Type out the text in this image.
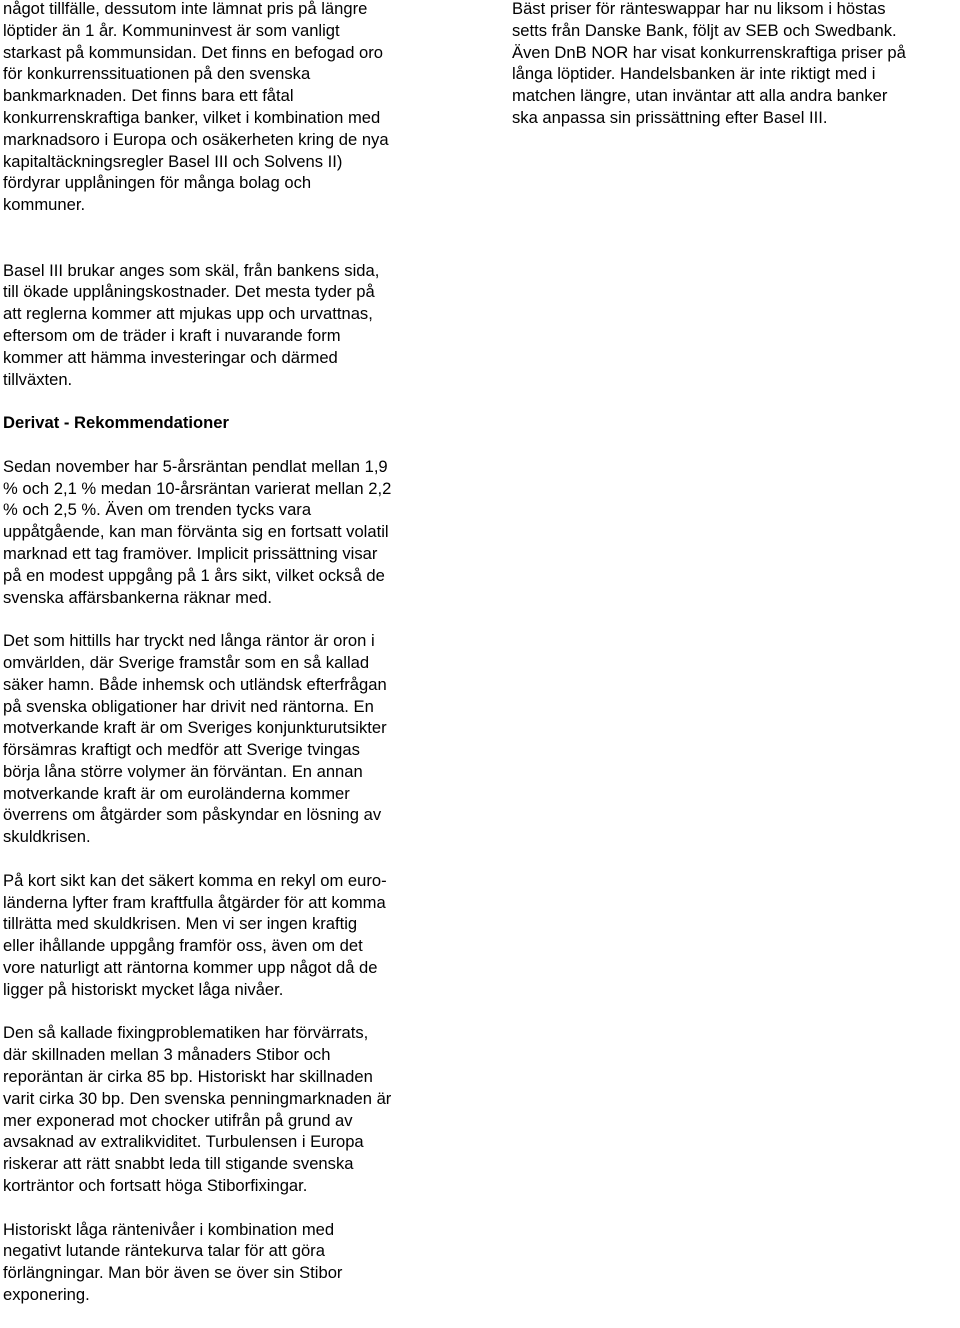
något tillfälle, dessutom inte lämnat pris på längre
löptider än 1 år. Kommuninvest är som vanligt
starkast på kommunsidan. Det finns en befogad oro
för konkurrenssituationen på den svenska
bankmarknaden. Det finns bara ett fåtal
konkurrenskraftiga banker, vilket i kombination med
marknadsoro i Europa och osäkerheten kring de nya
kapitaltäckningsregler Basel III och Solvens II)
fördyrar upplåningen för många bolag och
kommuner.

Basel III brukar anges som skäl, från bankens sida,
till ökade upplåningskostnader. Det mesta tyder på
att reglerna kommer att mjukas upp och urvattnas,
eftersom om de träder i kraft i nuvarande form
kommer att hämma investeringar och därmed
tillväxten.

Derivat - Rekommendationer

Sedan november har 5-årsräntan pendlat mellan 1,9
% och 2,1 % medan 10-årsräntan varierat mellan 2,2
% och 2,5 %. Även om trenden tycks vara
uppåtgående, kan man förvänta sig en fortsatt volatil
marknad ett tag framöver. Implicit prissättning visar
på en modest uppgång på 1 års sikt, vilket också de
svenska affärsbankerna räknar med.

Det som hittills har tryckt ned långa räntor är oron i
omvärlden, där Sverige framstår som en så kallad
säker hamn. Både inhemsk och utländsk efterfrågan
på svenska obligationer har drivit ned räntorna. En
motverkande kraft är om Sveriges konjunkturutsikter
försämras kraftigt och medför att Sverige tvingas
börja låna större volymer än förväntan. En annan
motverkande kraft är om euroländerna kommer
överrens om åtgärder som påskyndar en lösning av
skuldkrisen.

På kort sikt kan det säkert komma en rekyl om euro-
länderna lyfter fram kraftfulla åtgärder för att komma
tillrätta med skuldkrisen. Men vi ser ingen kraftig
eller ihållande uppgång framför oss, även om det
vore naturligt att räntorna kommer upp något då de
ligger på historiskt mycket låga nivåer.

Den så kallade fixingproblematiken har förvärrats,
där skillnaden mellan 3 månaders Stibor och
reporäntan är cirka 85 bp. Historiskt har skillnaden
varit cirka 30 bp. Den svenska penningmarknaden är
mer exponerad mot chocker utifrån på grund av
avsaknad av extralikviditet. Turbulensen i Europa
riskerar att rätt snabbt leda till stigande svenska
korträntor och fortsatt höga Stiborfixingar.

Historiskt låga räntenivåer i kombination med
negativt lutande räntekurva talar för att göra
förlängningar. Man bör även se över sin Stibor
exponering.

Bäst priser för ränteswappar har nu liksom i höstas
setts från Danske Bank, följt av SEB och Swedbank.
Även DnB NOR har visat konkurrenskraftiga priser på
långa löptider. Handelsbanken är inte riktigt med i
matchen längre, utan inväntar att alla andra banker
ska anpassa sin prissättning efter Basel III.
